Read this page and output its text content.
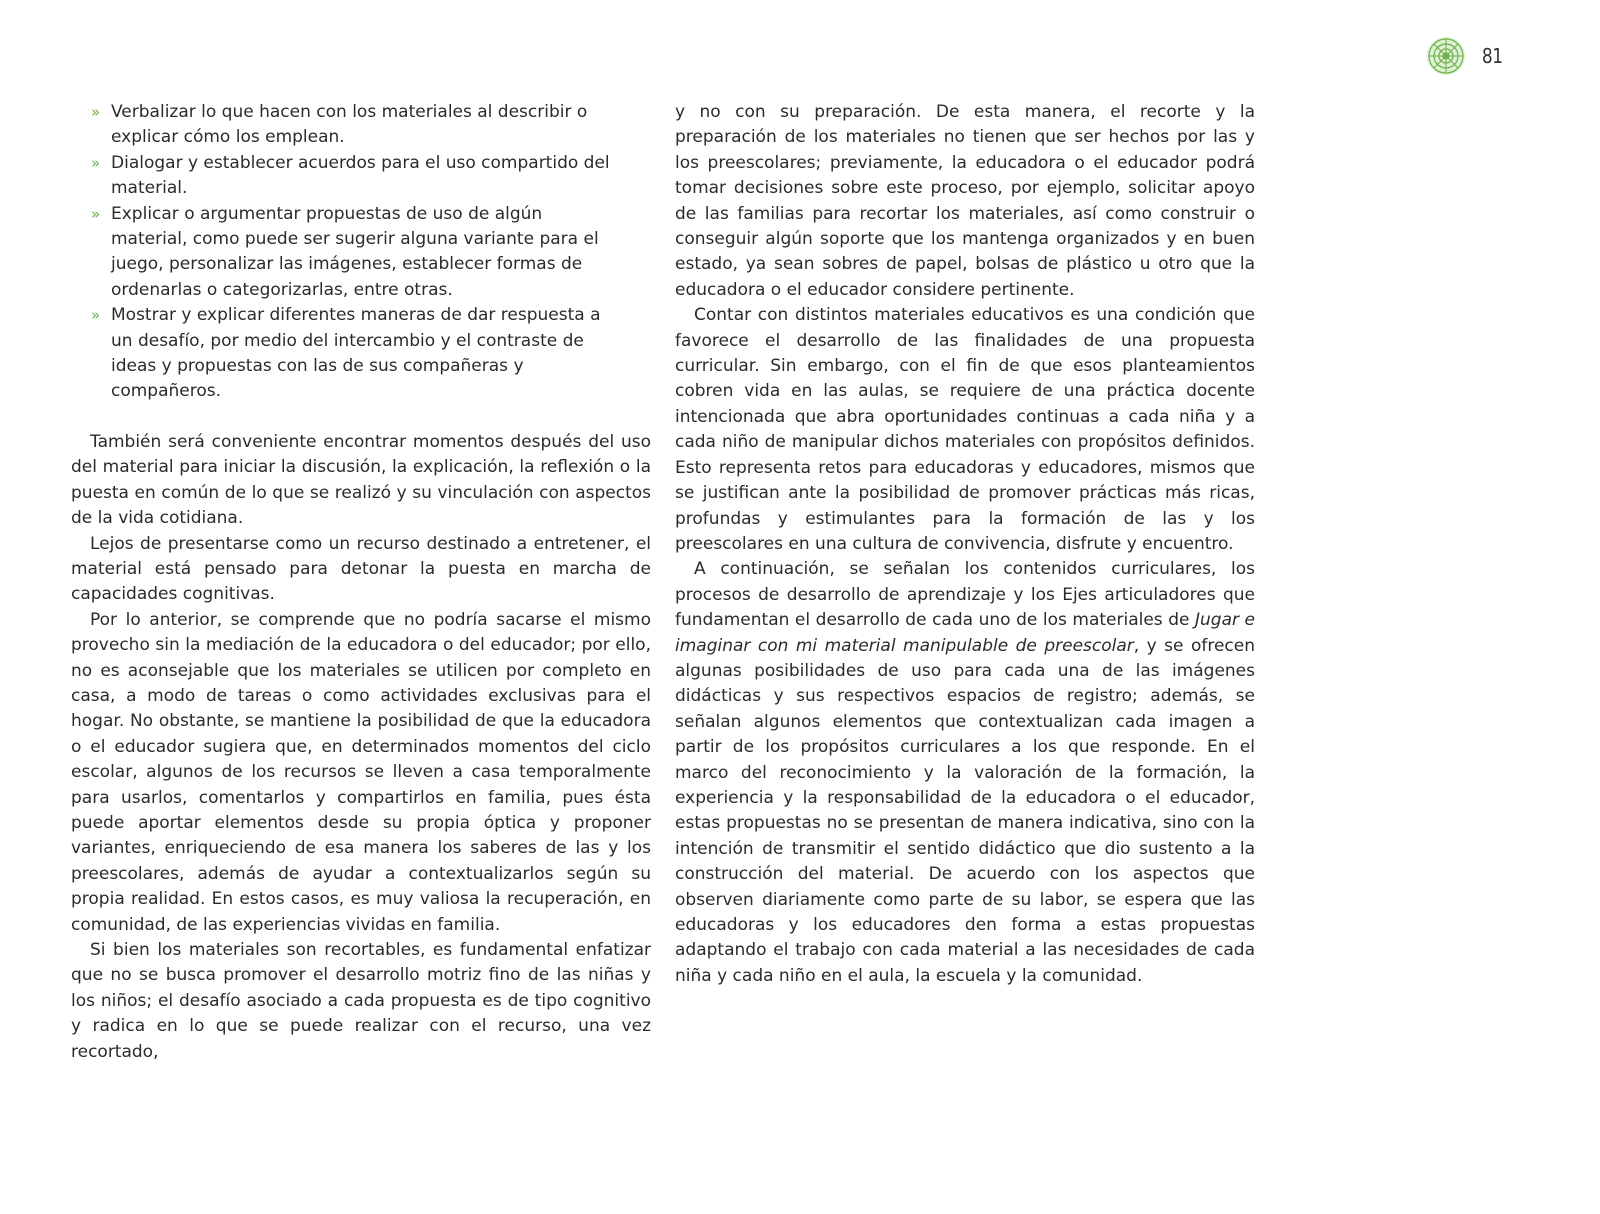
81
» Verbalizar lo que hacen con los materiales al describir o explicar cómo los emplean.
» Dialogar y establecer acuerdos para el uso compartido del material.
» Explicar o argumentar propuestas de uso de algún material, como puede ser sugerir alguna variante para el juego, personalizar las imágenes, establecer formas de ordenarlas o categorizarlas, entre otras.
» Mostrar y explicar diferentes maneras de dar respuesta a un desafío, por medio del intercambio y el contraste de ideas y propuestas con las de sus compañeras y compañeros.

También será conveniente encontrar momentos después del uso del material para iniciar la discusión, la explicación, la reflexión o la puesta en común de lo que se realizó y su vinculación con aspectos de la vida cotidiana.

Lejos de presentarse como un recurso destinado a entretener, el material está pensado para detonar la puesta en marcha de capacidades cognitivas.

Por lo anterior, se comprende que no podría sacarse el mismo provecho sin la mediación de la educadora o del educador; por ello, no es aconsejable que los materiales se utilicen por completo en casa, a modo de tareas o como actividades exclusivas para el hogar. No obstante, se mantiene la posibilidad de que la educadora o el educador sugiera que, en determinados momentos del ciclo escolar, algunos de los recursos se lleven a casa temporalmente para usarlos, comentarlos y compartirlos en familia, pues ésta puede aportar elementos desde su propia óptica y proponer variantes, enriqueciendo de esa manera los saberes de las y los preescolares, además de ayudar a contextualizarlos según su propia realidad. En estos casos, es muy valiosa la recuperación, en comunidad, de las experiencias vividas en familia.

Si bien los materiales son recortables, es fundamental enfatizar que no se busca promover el desarrollo motriz fino de las niñas y los niños; el desafío asociado a cada propuesta es de tipo cognitivo y radica en lo que se puede realizar con el recurso, una vez recortado,

y no con su preparación. De esta manera, el recorte y la preparación de los materiales no tienen que ser hechos por las y los preescolares; previamente, la educadora o el educador podrá tomar decisiones sobre este proceso, por ejemplo, solicitar apoyo de las familias para recortar los materiales, así como construir o conseguir algún soporte que los mantenga organizados y en buen estado, ya sean sobres de papel, bolsas de plástico u otro que la educadora o el educador considere pertinente.

Contar con distintos materiales educativos es una condición que favorece el desarrollo de las finalidades de una propuesta curricular. Sin embargo, con el fin de que esos planteamientos cobren vida en las aulas, se requiere de una práctica docente intencionada que abra oportunidades continuas a cada niña y a cada niño de manipular dichos materiales con propósitos definidos. Esto representa retos para educadoras y educadores, mismos que se justifican ante la posibilidad de promover prácticas más ricas, profundas y estimulantes para la formación de las y los preescolares en una cultura de convivencia, disfrute y encuentro.

A continuación, se señalan los contenidos curriculares, los procesos de desarrollo de aprendizaje y los Ejes articuladores que fundamentan el desarrollo de cada uno de los materiales de Jugar e imaginar con mi material manipulable de preescolar, y se ofrecen algunas posibilidades de uso para cada una de las imágenes didácticas y sus respectivos espacios de registro; además, se señalan algunos elementos que contextualizan cada imagen a partir de los propósitos curriculares a los que responde. En el marco del reconocimiento y la valoración de la formación, la experiencia y la responsabilidad de la educadora o el educador, estas propuestas no se presentan de manera indicativa, sino con la intención de transmitir el sentido didáctico que dio sustento a la construcción del material. De acuerdo con los aspectos que observen diariamente como parte de su labor, se espera que las educadoras y los educadores den forma a estas propuestas adaptando el trabajo con cada material a las necesidades de cada niña y cada niño en el aula, la escuela y la comunidad.
